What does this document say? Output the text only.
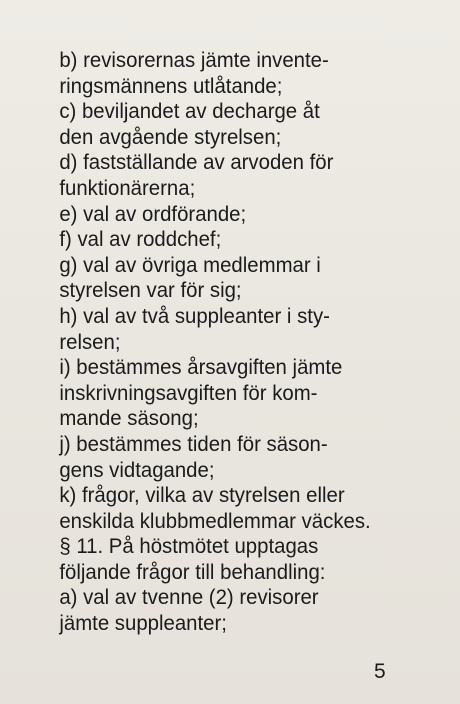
b) revisorernas jämte invente-
ringsmännens utlåtande;

c) beviljandet av decharge åt
den avgående styrelsen;

d) fastställande av arvoden för
funktionärerna;

e) val av ordförande;

f) val av roddchef;

g) val av övriga medlemmar i
styrelsen var för sig;

h) val av två suppleanter i sty-
relsen;

i) bestämmes årsavgiften jämte
inskrivningsavgiften för kom-
mande säsong;

j) bestämmes tiden för säson-
gens vidtagande;

k) frågor, vilka av styrelsen eller
enskilda klubbmedlemmar väckes.

§ 11. På höstmötet upptagas
följande frågor till behandling:

a) val av tvenne (2) revisorer
jämte suppleanter;

5
